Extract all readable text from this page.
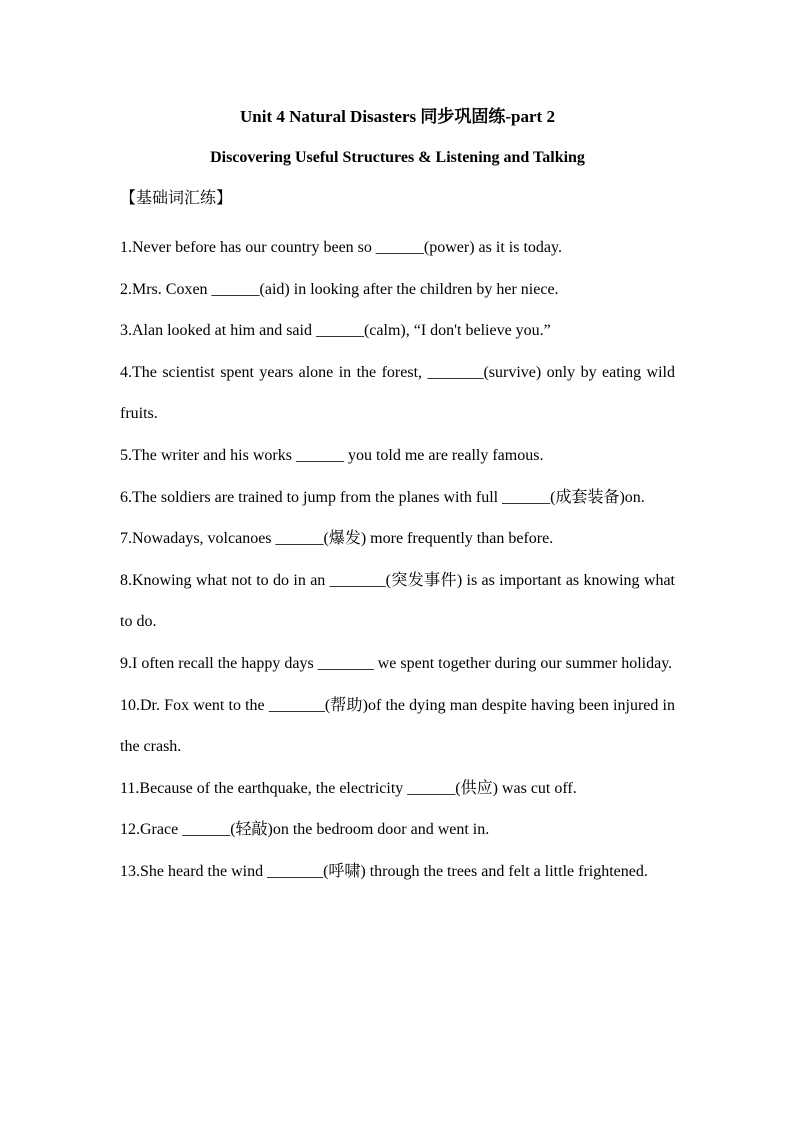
Unit 4 Natural Disasters 同步巩固练-part 2
Discovering Useful Structures & Listening and Talking
【基础词汇练】

1.Never before has our country been so ______(power) as it is today.

2.Mrs. Coxen ______(aid) in looking after the children by her niece.

3.Alan looked at him and said ______(calm), “I don't believe you.”

4.The scientist spent years alone in the forest, _______(survive) only by eating wild fruits.

5.The writer and his works ______ you told me are really famous.

6.The soldiers are trained to jump from the planes with full ______(成套装备)on.

7.Nowadays, volcanoes ______(爆发) more frequently than before.

8.Knowing what not to do in an _______(突发事件) is as important as knowing what to do.

9.I often recall the happy days _______ we spent together during our summer holiday.

10.Dr. Fox went to the _______(帮助)of the dying man despite having been injured in the crash.

11.Because of the earthquake, the electricity ______(供应) was cut off.

12.Grace ______(轻敲)on the bedroom door and went in.

13.She heard the wind _______(呼啸) through the trees and felt a little frightened.
